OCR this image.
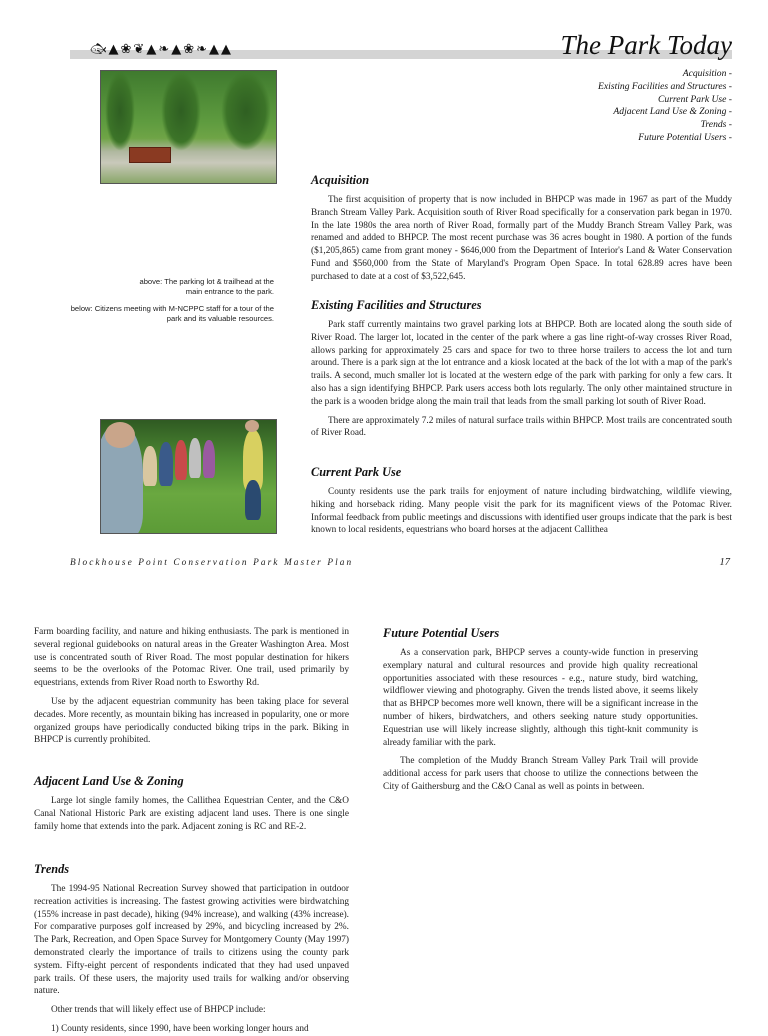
🐟︎▲❀❦▲❧▲❀❧▲▲	The Park Today
Acquisition -
Existing Facilities and Structures -
Current Park Use -
Adjacent Land Use & Zoning -
Trends -
Future Potential Users -
above: The parking lot & trailhead at the
main entrance to the park.
below: Citizens meeting with M-NCPPC staff for a tour of the
park and its valuable resources.
Acquisition

The first acquisition of property that is now included in BHPCP was made in 1967 as part of the Muddy Branch Stream Valley Park. Acquisition south of River Road specifically for a conservation park began in 1970. In the late 1980s the area north of River Road, formally part of the Muddy Branch Stream Valley Park, was renamed and added to BHPCP. The most recent purchase was 36 acres bought in 1980. A portion of the funds ($1,205,865) came from grant money - $646,000 from the Department of Interior's Land & Water Conservation Fund and $560,000 from the State of Maryland's Program Open Space. In total 628.89 acres have been purchased to date at a cost of $3,522,645.

Existing Facilities and Structures

Park staff currently maintains two gravel parking lots at BHPCP. Both are located along the south side of River Road. The larger lot, located in the center of the park where a gas line right-of-way crosses River Road, allows parking for approximately 25 cars and space for two to three horse trailers to access the lot and turn around. There is a park sign at the lot entrance and a kiosk located at the back of the lot with a map of the park's trails. A second, much smaller lot is located at the western edge of the park with parking for only a few cars. It also has a sign identifying BHPCP. Park users access both lots regularly. The only other maintained structure in the park is a wooden bridge along the main trail that leads from the small parking lot south of River Road.

There are approximately 7.2 miles of natural surface trails within BHPCP. Most trails are concentrated south of River Road.

Current Park Use

County residents use the park trails for enjoyment of nature including birdwatching, wildlife viewing, hiking and horseback riding. Many people visit the park for its magnificent views of the Potomac River. Informal feedback from public meetings and discussions with identified user groups indicate that the park is best known to local residents, equestrians who board horses at the adjacent Callithea

Blockhouse Point Conservation Park Master Plan	17

Farm boarding facility, and nature and hiking enthusiasts. The park is mentioned in several regional guidebooks on natural areas in the Greater Washington Area. Most use is concentrated south of River Road. The most popular destination for hikers seems to be the overlooks of the Potomac River. One trail, used primarily by equestrians, extends from River Road north to Esworthy Rd.

Use by the adjacent equestrian community has been taking place for several decades. More recently, as mountain biking has increased in popularity, one or more organized groups have periodically conducted biking trips in the park. Biking in BHPCP is currently prohibited.

Adjacent Land Use & Zoning

Large lot single family homes, the Callithea Equestrian Center, and the C&O Canal National Historic Park are existing adjacent land uses. There is one single family home that extends into the park. Adjacent zoning is RC and RE-2.

Trends

The 1994-95 National Recreation Survey showed that participation in outdoor recreation activities is increasing. The fastest growing activities were birdwatching (155% increase in past decade), hiking (94% increase), and walking (43% increase). For comparative purposes golf increased by 29%, and bicycling increased by 2%. The Park, Recreation, and Open Space Survey for Montgomery County (May 1997) demonstrated clearly the importance of trails to citizens using the county park system. Fifty-eight percent of respondents indicated that they had used unpaved park trails. Of these users, the majority used trails for walking and/or observing nature.

Other trends that will likely effect use of BHPCP include:

1) County residents, since 1990, have been working longer hours and

Future Potential Users

As a conservation park, BHPCP serves a county-wide function in preserving exemplary natural and cultural resources and provide high quality recreational opportunities associated with these resources - e.g., nature study, bird watching, wildflower viewing and photography. Given the trends listed above, it seems likely that as BHPCP becomes more well known, there will be a significant increase in the number of hikers, birdwatchers, and others seeking nature study opportunities. Equestrian use will likely increase slightly, although this tight-knit community is already familiar with the park.

The completion of the Muddy Branch Stream Valley Park Trail will provide additional access for park users that choose to utilize the connections between the City of Gaithersburg and the C&O Canal as well as points in between.
